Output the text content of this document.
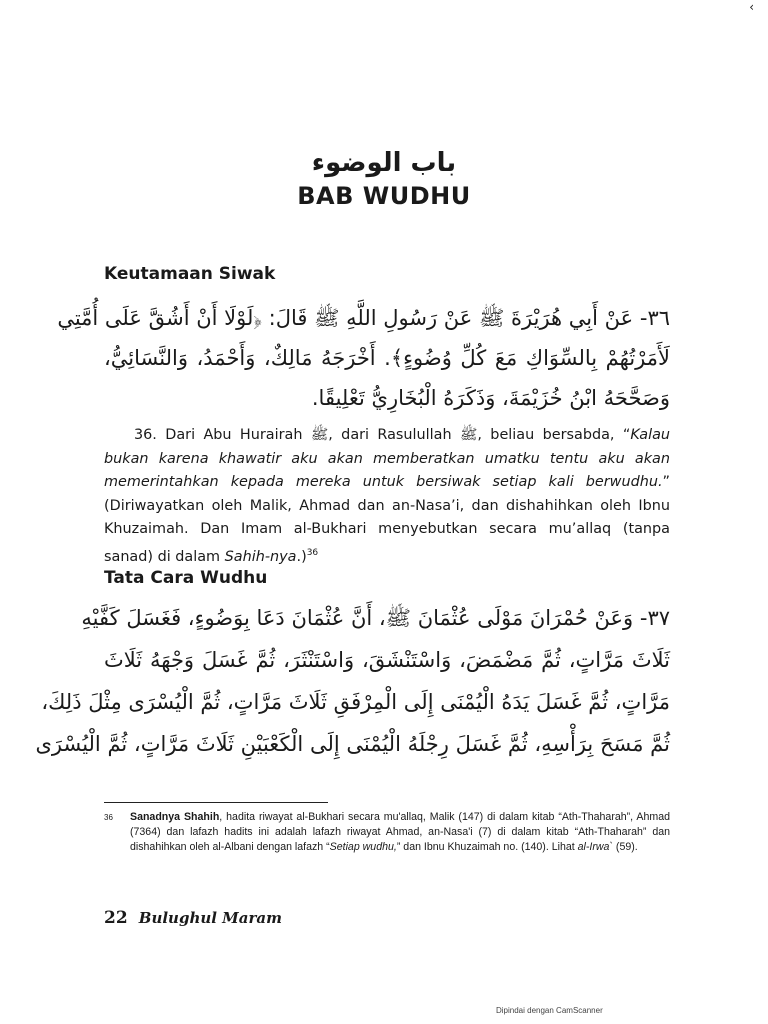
‹
باب الوضوء
BAB WUDHU
Keutamaan Siwak
٣٦- عَنْ أَبِي هُرَيْرَةَ ﷺ عَنْ رَسُولِ اللَّهِ ﷺ قَالَ: ﴿لَوْلَا أَنْ أَشُقَّ عَلَى أُمَّتِي
لَأَمَرْتُهُمْ بِالسِّوَاكِ مَعَ كُلِّ وُضُوءٍ﴾. أَخْرَجَهُ مَالِكٌ، وَأَحْمَدُ، وَالنَّسَائِيُّ،
وَصَحَّحَهُ ابْنُ خُزَيْمَةَ، وَذَكَرَهُ الْبُخَارِيُّ تَعْلِيقًا.
36. Dari Abu Hurairah ﷺ, dari Rasulullah ﷺ, beliau bersabda, “Kalau bukan karena khawatir aku akan memberatkan umatku tentu aku akan memerintahkan kepada mereka untuk bersiwak setiap kali berwudhu.” (Diriwayatkan oleh Malik, Ahmad dan an-Nasa’i, dan dishahihkan oleh Ibnu Khuzaimah. Dan Imam al-Bukhari menyebutkan secara mu’allaq (tanpa sanad) di dalam Sahih-nya.)$^{36}$
Tata Cara Wudhu
٣٧- وَعَنْ حُمْرَانَ مَوْلَى عُثْمَانَ ﷺ، أَنَّ عُثْمَانَ دَعَا بِوَضُوءٍ، فَغَسَلَ كَفَّيْهِ
ثَلَاثَ مَرَّاتٍ، ثُمَّ مَضْمَضَ، وَاسْتَنْشَقَ، وَاسْتَنْثَرَ، ثُمَّ غَسَلَ وَجْهَهُ ثَلَاثَ
مَرَّاتٍ، ثُمَّ غَسَلَ يَدَهُ الْيُمْنَى إِلَى الْمِرْفَقِ ثَلَاثَ مَرَّاتٍ، ثُمَّ الْيُسْرَى مِثْلَ ذَلِكَ،
ثُمَّ مَسَحَ بِرَأْسِهِ، ثُمَّ غَسَلَ رِجْلَهُ الْيُمْنَى إِلَى الْكَعْبَيْنِ ثَلَاثَ مَرَّاتٍ، ثُمَّ الْيُسْرَى
36	Sanadnya Shahih, hadita riwayat al-Bukhari secara mu'allaq, Malik (147) di dalam kitab “Ath-Thaharah”, Ahmad (7364) dan lafazh hadits ini adalah lafazh riwayat Ahmad, an-Nasa'i (7) di dalam kitab “Ath-Thaharah” dan dishahihkan oleh al-Albani dengan lafazh “Setiap wudhu,” dan Ibnu Khuzaimah no. (140). Lihat al-Irwa` (59).
22 Bulughul Maram
Dipindai dengan CamScanner
